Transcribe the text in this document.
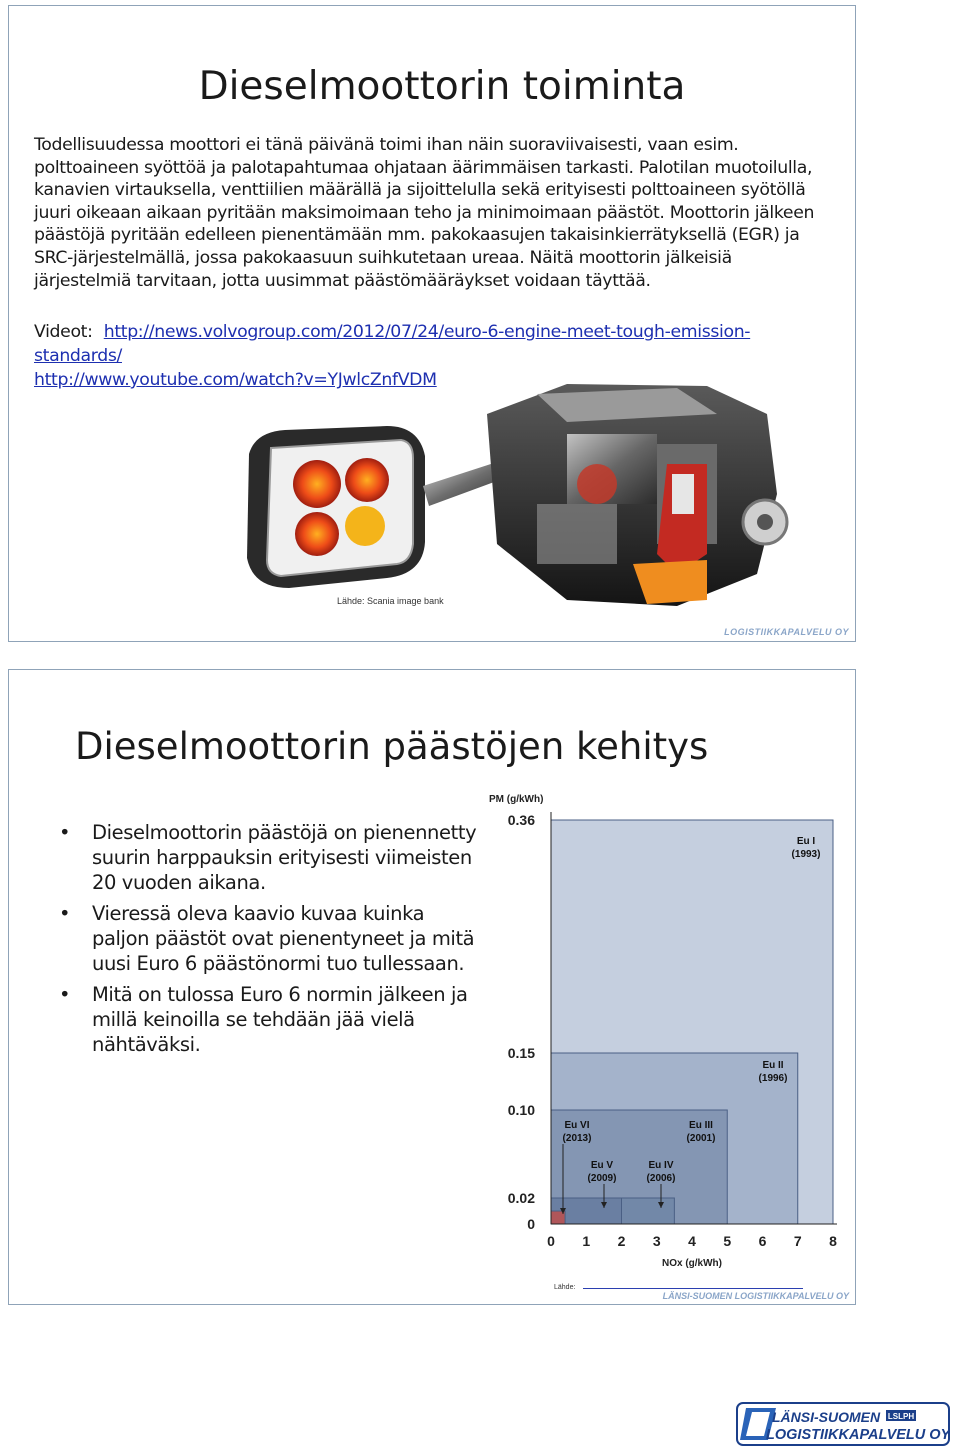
Dieselmoottorin toiminta

Todellisuudessa moottori ei tänä päivänä toimi ihan näin suoraviivaisesti, vaan esim. polttoaineen syöttöä ja palotapahtumaa ohjataan äärimmäisen tarkasti. Palotilan muotoilulla, kanavien virtauksella, venttiilien määrällä ja sijoittelulla sekä erityisesti polttoaineen syötöllä juuri oikeaan aikaan pyritään maksimoimaan teho ja minimoimaan päästöt. Moottorin jälkeen päästöjä pyritään edelleen pienentämään mm. pakokaasujen takaisinkierrätyksellä (EGR) ja SRC-järjestelmällä, jossa pakokaasuun suihkutetaan ureaa. Näitä moottorin jälkeisiä järjestelmiä tarvitaan, jotta uusimmat päästömääräykset voidaan täyttää.

Videot: http://news.volvogroup.com/2012/07/24/euro-6-engine-meet-tough-emission-standards/
http://www.youtube.com/watch?v=YJwlcZnfVDM
Lähde: Scania image bank
LOGISTIIKKAPALVELU OY
Dieselmoottorin päästöjen kehitys
• Dieselmoottorin päästöjä on pienennetty suurin harppauksin erityisesti viimeisten 20 vuoden aikana.
• Vieressä oleva kaavio kuvaa kuinka paljon päästöt ovat pienentyneet ja mitä uusi Euro 6 päästönormi tuo tullessaan.
• Mitä on tulossa Euro 6 normin jälkeen ja millä keinoilla se tehdään jää vielä nähtäväksi.
PM (g/kWh)
0
0.02
0.10
0.15
0.36
0 1 2 3 4 5 6 7 8
NOx (g/kWh)
Eu I
(1993)
Eu II
(1996)
Eu III
(2001)
Eu IV
(2006)
Eu V
(2009)
Eu VI
(2013)
Lähde:
LÄNSI-SUOMEN LOGISTIIKKAPALVELU OY
LSLPH
LÄNSI-SUOMEN
LOGISTIIKKAPALVELU OY
